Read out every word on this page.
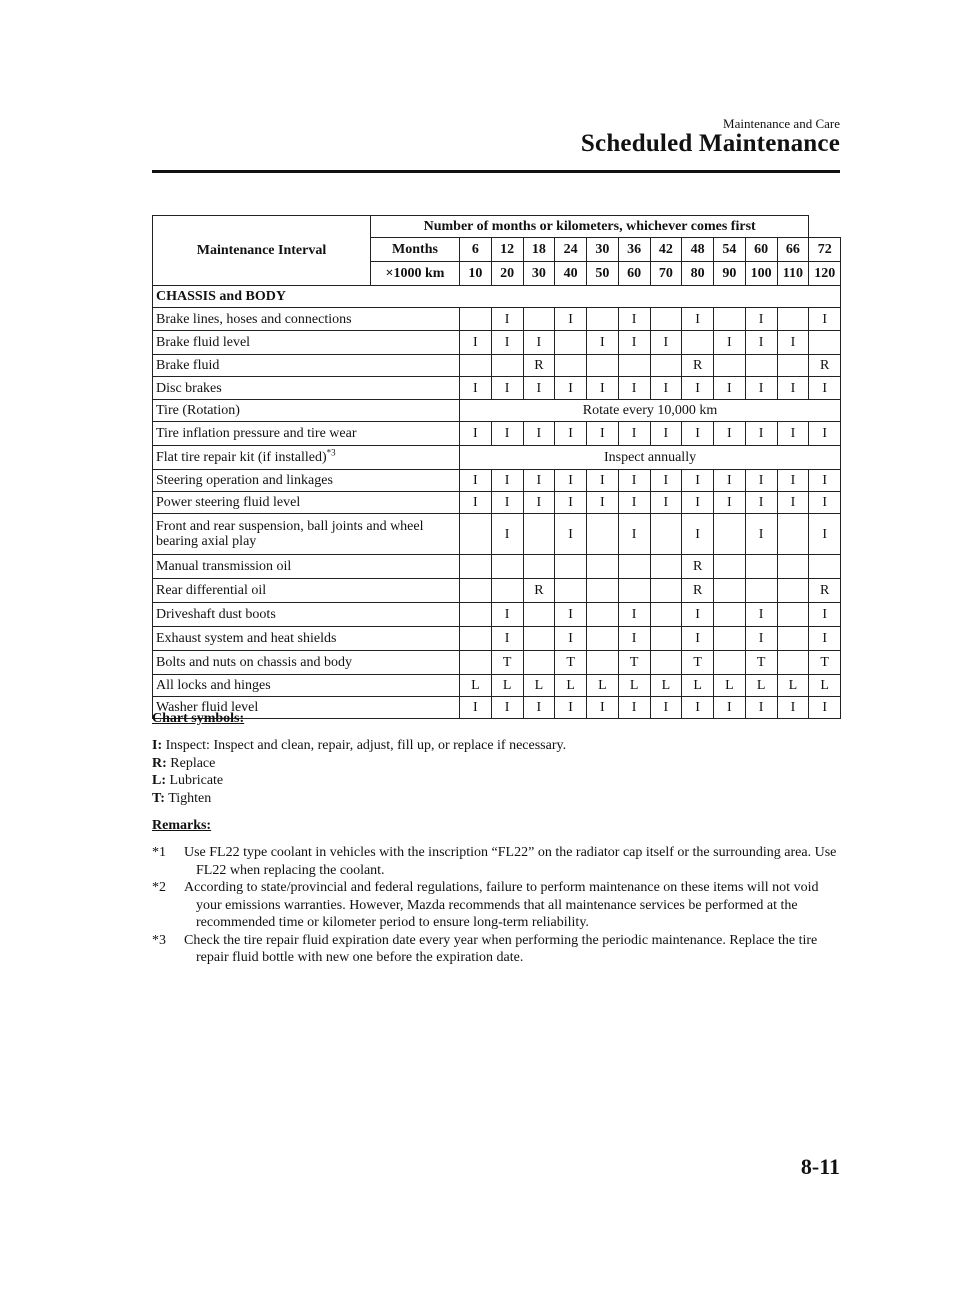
Maintenance and Care
Scheduled Maintenance
Maintenance Interval	Number of months or kilometers, whichever comes first												
	Months	6	12	18	24	30	36	42	48	54	60	66	72
	×1000 km	10	20	30	40	50	60	70	80	90	100	110	120
CHASSIS and BODY													
Brake lines, hoses and connections			I		I		I		I		I		I
Brake fluid level		I	I	I		I	I	I		I	I	I	
Brake fluid				R					R				R
Disc brakes		I	I	I	I	I	I	I	I	I	I	I	I
Tire (Rotation)		Rotate every 10,000 km											
Tire inflation pressure and tire wear		I	I	I	I	I	I	I	I	I	I	I	I
Flat tire repair kit (if installed)$^{*3}$		Inspect annually											
Steering operation and linkages		I	I	I	I	I	I	I	I	I	I	I	I
Power steering fluid level		I	I	I	I	I	I	I	I	I	I	I	I
Front and rear suspension, ball joints and wheel bearing axial play			I		I		I		I		I		I
Manual transmission oil									R				
Rear differential oil				R					R				R
Driveshaft dust boots			I		I		I		I		I		I
Exhaust system and heat shields			I		I		I		I		I		I
Bolts and nuts on chassis and body			T		T		T		T		T		T
All locks and hinges		L	L	L	L	L	L	L	L	L	L	L	L
Washer fluid level		I	I	I	I	I	I	I	I	I	I	I	I
Chart symbols:
I: Inspect: Inspect and clean, repair, adjust, fill up, or replace if necessary.
R: Replace
L: Lubricate
T: Tighten
Remarks:
*1 Use FL22 type coolant in vehicles with the inscription “FL22” on the radiator cap itself or the surrounding area. Use FL22 when replacing the coolant.
*2 According to state/provincial and federal regulations, failure to perform maintenance on these items will not void your emissions warranties. However, Mazda recommends that all maintenance services be performed at the recommended time or kilometer period to ensure long-term reliability.
*3 Check the tire repair fluid expiration date every year when performing the periodic maintenance. Replace the tire repair fluid bottle with new one before the expiration date.
8-11
